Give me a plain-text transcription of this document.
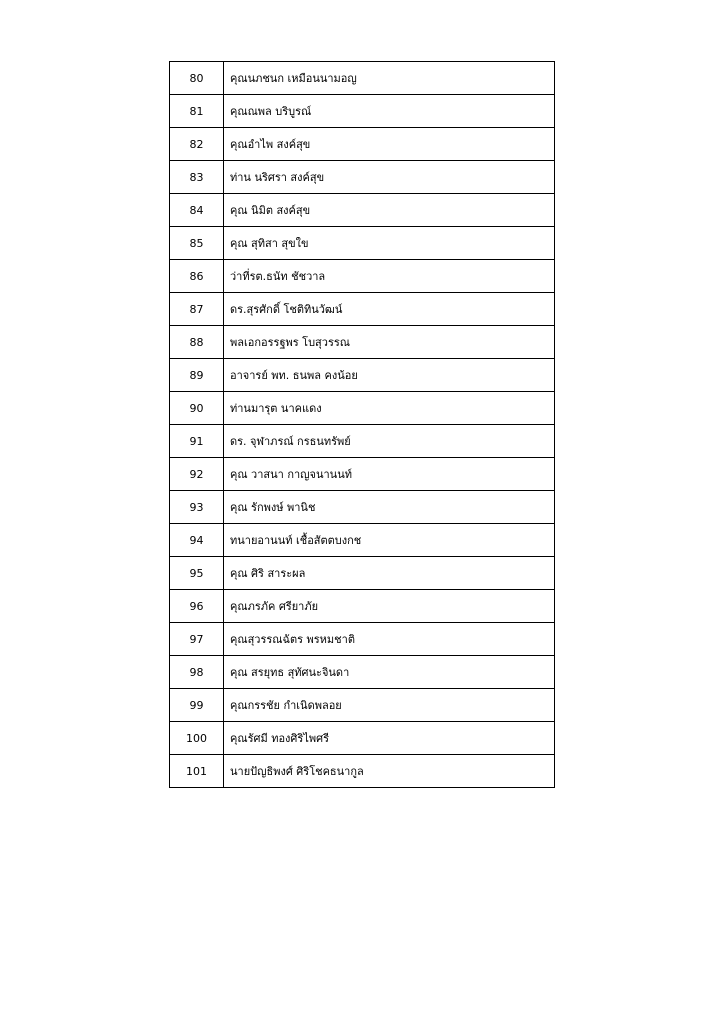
80	คุณนภชนก เหมือนนามอญ
81	คุณณพล บริบูรณ์
82	คุณอำไพ สงค์สุข
83	ท่าน นริศรา สงค์สุข
84	คุณ นิมิต สงค์สุข
85	คุณ สุทิสา สุขใข
86	ว่าที่รต.ธนัท ชัชวาล
87	ดร.สุรศักดิ์ โชติทินวัฒน์
88	พลเอกอรรฐพร โบสุวรรณ
89	อาจารย์ พท. ธนพล คงน้อย
90	ท่านมารุต นาคแดง
91	ดร. จุฬาภรณ์ กรธนทรัพย์
92	คุณ วาสนา กาญจนานนท์
93	คุณ รักพงษ์ พานิช
94	ทนายอานนท์ เชื้อสัตตบงกช
95	คุณ ศิริ สาระผล
96	คุณภรภัค ศรียาภัย
97	คุณสุวรรณฉัตร พรหมชาติ
98	คุณ สรยุทธ สุทัศนะจินดา
99	คุณกรรชัย กำเนิดพลอย
100	คุณรัศมี ทองศิริไพศรี
101	นายปัญธิพงศ์ ศิริโชคธนากูล
